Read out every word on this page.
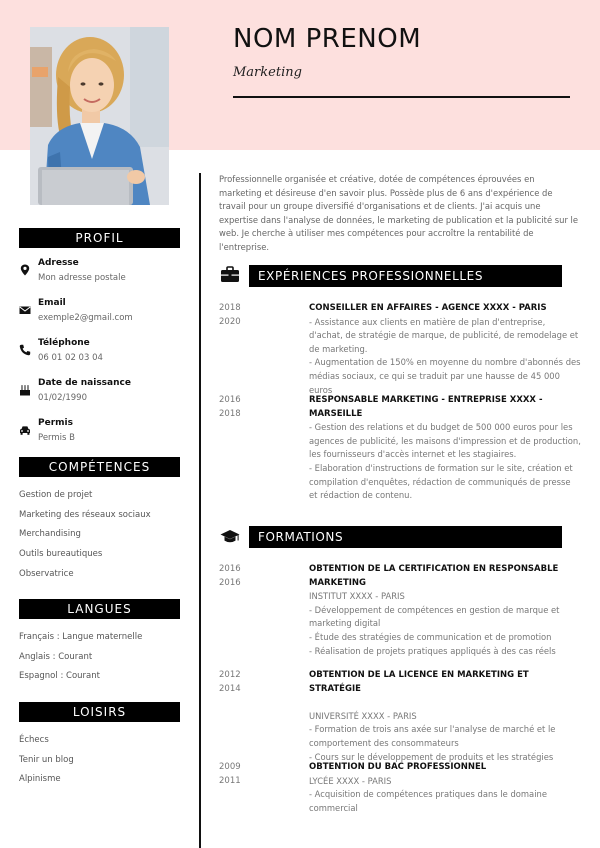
NOM PRENOM
Marketing
PROFIL
Adresse
Mon adresse postale
Email
exemple2@gmail.com
Téléphone
06 01 02 03 04
Date de naissance
01/02/1990
Permis
Permis B
COMPÉTENCES
Gestion de projet
Marketing des réseaux sociaux
Merchandising
Outils bureautiques
Observatrice
LANGUES
Français : Langue maternelle
Anglais : Courant
Espagnol : Courant
LOISIRS
Échecs
Tenir un blog
Alpinisme
Professionnelle organisée et créative, dotée de compétences éprouvées en marketing et désireuse d'en savoir plus. Possède plus de 6 ans d'expérience de travail pour un groupe diversifié d'organisations et de clients. J'ai acquis une expertise dans l'analyse de données, le marketing de publication et la publicité sur le web. Je cherche à utiliser mes compétences pour accroître la rentabilité de l'entreprise.
EXPÉRIENCES PROFESSIONNELLES
2018
2020
CONSEILLER EN AFFAIRES - AGENCE XXXX - PARIS
- Assistance aux clients en matière de plan d'entreprise, d'achat, de stratégie de marque, de publicité, de remodelage et de marketing.
- Augmentation de 150% en moyenne du nombre d'abonnés des médias sociaux, ce qui se traduit par une hausse de 45 000 euros
2016
2018
RESPONSABLE MARKETING - ENTREPRISE XXXX - MARSEILLE
- Gestion des relations et du budget de 500 000 euros pour les agences de publicité, les maisons d'impression et de production, les fournisseurs d'accès internet et les stagiaires.
- Elaboration d'instructions de formation sur le site, création et compilation d'enquêtes, rédaction de communiqués de presse et rédaction de contenu.
FORMATIONS
2016
2016
OBTENTION DE LA CERTIFICATION EN RESPONSABLE MARKETING
INSTITUT XXXX - PARIS
- Développement de compétences en gestion de marque et marketing digital
- Étude des stratégies de communication et de promotion
- Réalisation de projets pratiques appliqués à des cas réels
2012
2014
OBTENTION DE LA LICENCE EN MARKETING ET STRATÉGIE
UNIVERSITÉ XXXX - PARIS
- Formation de trois ans axée sur l'analyse de marché et le comportement des consommateurs
- Cours sur le développement de produits et les stratégies
2009
2011
OBTENTION DU BAC PROFESSIONNEL
LYCÉE XXXX - PARIS
- Acquisition de compétences pratiques dans le domaine commercial
